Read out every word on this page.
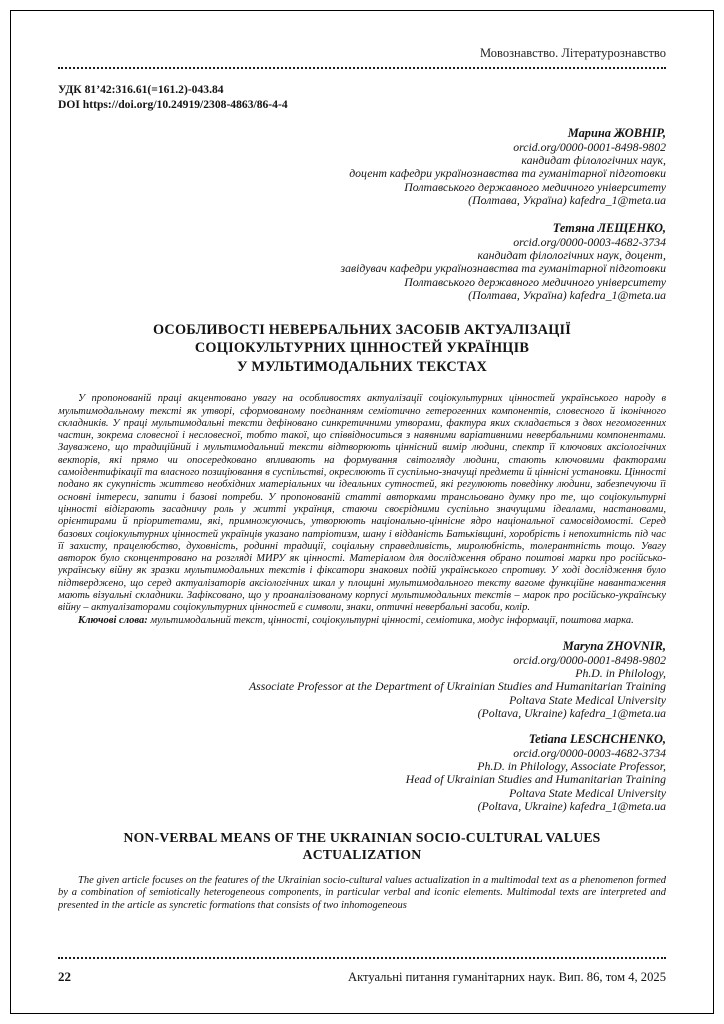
Мовознавство. Літературознавство
УДК 81’42:316.61(=161.2)-043.84
DOI https://doi.org/10.24919/2308-4863/86-4-4
Марина ЖОВНІР,
orcid.org/0000-0001-8498-9802
кандидат філологічних наук,
доцент кафедри українознавства та гуманітарної підготовки
Полтавського державного медичного університету
(Полтава, Україна) kafedra_1@meta.ua
Тетяна ЛЕЩЕНКО,
orcid.org/0000-0003-4682-3734
кандидат філологічних наук, доцент,
завідувач кафедри українознавства та гуманітарної підготовки
Полтавського державного медичного університету
(Полтава, Україна) kafedra_1@meta.ua
ОСОБЛИВОСТІ НЕВЕРБАЛЬНИХ ЗАСОБІВ АКТУАЛІЗАЦІЇ
СОЦІОКУЛЬТУРНИХ ЦІННОСТЕЙ УКРАЇНЦІВ
У МУЛЬТИМОДАЛЬНИХ ТЕКСТАХ

У пропонованій праці акцентовано увагу на особливостях актуалізації соціокультурних цінностей українського народу в мультимодальному тексті як утворі, сформованому поєднанням семіотично гетерогенних компонентів, словесного й іконічного складників. У праці мультимодальні тексти дефіновано синкретичними утворами, фактура яких складається з двох негомогенних частин, зокрема словесної і несловесної, тобто такої, що співвідноситься з наявними варіативними невербальними компонентами. Зауважено, що традиційний і мультимодальний тексти відтворюють ціннісний вимір людини, спектр її ключових аксіологічних векторів, які прямо чи опосередковано впливають на формування світогляду людини, стають ключовими факторами самоідентифікації та власного позиціювання в суспільстві, окреслюють її суспільно-значущі предмети й ціннісні установки. Цінності подано як сукупність життєво необхідних матеріальних чи ідеальних сутностей, які регулюють поведінку людини, забезпечуючи її основні інтереси, запити і базові потреби. У пропонованій статті авторками трансльовано думку про те, що соціокультурні цінності відіграють засадничу роль у житті українця, стаючи своєрідними суспільно значущими ідеалами, настановами, орієнтирами й пріоритетами, які, примножуючись, утворюють національно-ціннісне ядро національної самосвідомості. Серед базових соціокультурних цінностей українців указано патріотизм, шану і відданість Батьківщині, хоробрість і непохитність під час її захисту, працелюбство, духовність, родинні традиції, соціальну справедливість, миролюбність, толерантність тощо. Увагу авторок було сконцентровано на розгляді МИРУ як цінності. Матеріалом для дослідження обрано поштові марки про російсько-українську війну як зразки мультимодальних текстів і фіксатори знакових подій українського спротиву. У ході дослідження було підтверджено, що серед актуалізаторів аксіологічних шкал у площині мультимодального тексту вагоме функційне навантаження мають візуальні складники. Зафіксовано, що у проаналізованому корпусі мультимодальних текстів – марок про російсько-українську війну – актуалізаторами соціокультурних цінностей є символи, знаки, оптичні невербальні засоби, колір.

Ключові слова: мультимодальний текст, цінності, соціокультурні цінності, семіотика, модус інформації, поштова марка.

Maryna ZHOVNIR,
orcid.org/0000-0001-8498-9802
Ph.D. in Philology,
Associate Professor at the Department of Ukrainian Studies and Humanitarian Training
Poltava State Medical University
(Poltava, Ukraine) kafedra_1@meta.ua
Tetiana LESCHCHENKO,
orcid.org/0000-0003-4682-3734
Ph.D. in Philology, Associate Professor,
Head of Ukrainian Studies and Humanitarian Training
Poltava State Medical University
(Poltava, Ukraine) kafedra_1@meta.ua
NON-VERBAL MEANS OF THE UKRAINIAN SOCIO-CULTURAL VALUES
ACTUALIZATION

The given article focuses on the features of the Ukrainian socio-cultural values actualization in a multimodal text as a phenomenon formed by a combination of semiotically heterogeneous components, in particular verbal and iconic elements. Multimodal texts are interpreted and presented in the article as syncretic formations that consists of two inhomogeneous

22	Актуальні питання гуманітарних наук. Вип. 86, том 4, 2025
